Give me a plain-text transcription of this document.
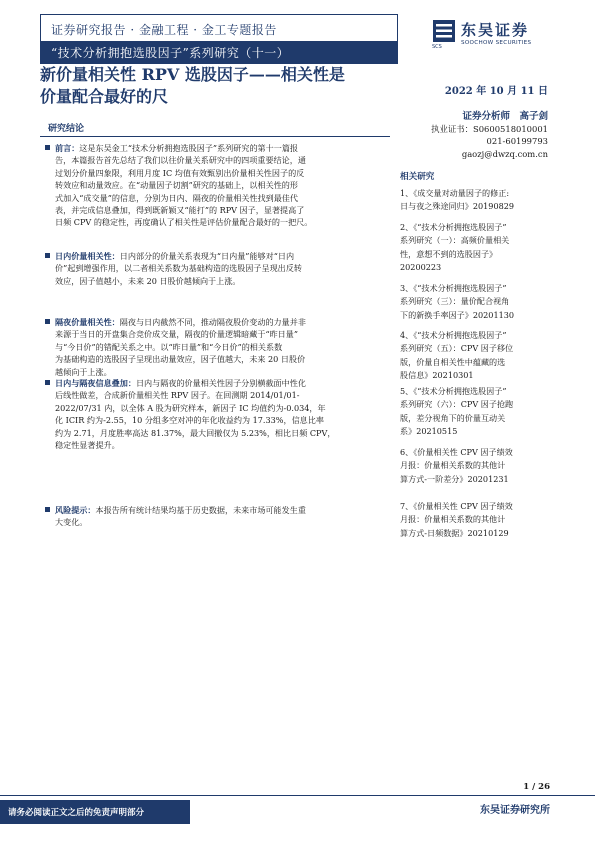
证券研究报告 · 金融工程 · 金工专题报告
“技术分析拥抱选股因子”系列研究（十一）
东吴证券
SOOCHOW SECURITIES
SCS
新价量相关性 RPV 选股因子——相关性是
价量配合最好的尺	2022 年 10 月 11 日
证券分析师　高子剑
执业证书：S0600518010001
021-60199793
gaozj@dwzq.com.cn
研究结论
前言：这是东吴金工“技术分析拥抱选股因子”系列研究的第十一篇报
告，本篇报告首先总结了我们以往价量关系研究中的四项重要结论，通
过划分价量四象限，利用月度 IC 均值有效甄别出价量相关性因子的反
转效应和动量效应。在“动量因子切割”研究的基础上，以相关性的形
式加入“成交量”的信息，分别为日内、隔夜的价量相关性找到最佳代
表，并完成信息叠加，得到既新颖又“能打”的 RPV 因子，显著提高了
日频 CPV 的稳定性，再度确认了相关性是评估价量配合最好的一把尺。
日内价量相关性：日内部分的价量关系表现为“日内量”能够对“日内
价”起到增强作用，以二者相关系数为基础构造的选股因子呈现出反转
效应，因子值越小，未来 20 日股价越倾向于上涨。
隔夜价量相关性：隔夜与日内截然不同，推动隔夜股价变动的力量并非
来源于当日的开盘集合竞价成交量，隔夜的价量逻辑暗藏于“昨日量”
与“今日价”的错配关系之中。以“昨日量”和“今日价”的相关系数
为基础构造的选股因子呈现出动量效应，因子值越大，未来 20 日股价
越倾向于上涨。
日内与隔夜信息叠加：日内与隔夜的价量相关性因子分别横截面中性化
后线性做差，合成新价量相关性 RPV 因子。在回测期 2014/01/01-
2022/07/31 内，以全体 A 股为研究样本，新因子 IC 均值约为-0.034，年
化 ICIR 约为-2.55，10 分组多空对冲的年化收益约为 17.33%，信息比率
约为 2.71，月度胜率高达 81.37%，最大回撤仅为 5.23%，相比日频 CPV，
稳定性显著提升。
风险提示：本报告所有统计结果均基于历史数据，未来市场可能发生重
大变化。
相关研究
1、《成交量对动量因子的修正:
日与夜之殊途同归》20190829
2、《“技术分析拥抱选股因子”
系列研究（一）：高频价量相关
性，意想不到的选股因子》
20200223
3、《“技术分析拥抱选股因子”
系列研究（三）：量价配合视角
下的新换手率因子》20201130
4、《“技术分析拥抱选股因子”
系列研究（五）：CPV 因子移位
版，价量自相关性中蕴藏的选
股信息》20210301
5、《“技术分析拥抱选股因子”
系列研究（六）：CPV 因子抢跑
版，差分视角下的价量互动关
系》20210515
6、《价量相关性 CPV 因子绩效
月报：价量相关系数的其他计
算方式-一阶差分》20201231
7、《价量相关性 CPV 因子绩效
月报：价量相关系数的其他计
算方式-日频数据》20210129
1 / 26
请务必阅读正文之后的免责声明部分	东吴证券研究所
